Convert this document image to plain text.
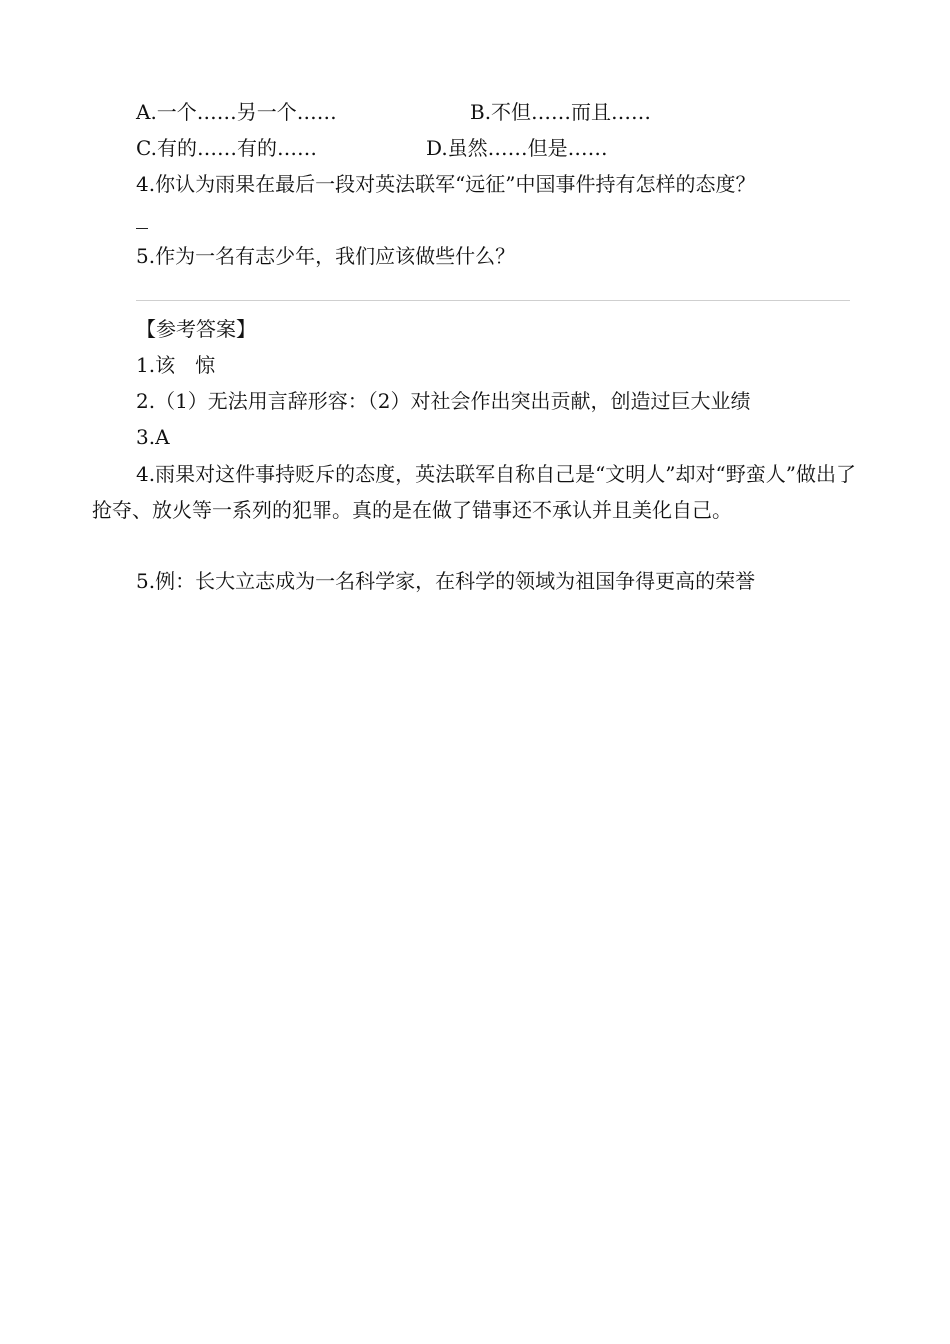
A.一个……另一个……	B.不但……而且……
C.有的……有的……	D.虽然……但是……
4.你认为雨果在最后一段对英法联军“远征”中国事件持有怎样的态度？
5.作为一名有志少年，我们应该做些什么？
【参考答案】
1.该　惊
2.（1）无法用言辞形容：（2）对社会作出突出贡献，创造过巨大业绩
3.A
4.雨果对这件事持贬斥的态度，英法联军自称自己是“文明人”却对“野蛮人”做出了抢夺、放火等一系列的犯罪。真的是在做了错事还不承认并且美化自己。
5.例：长大立志成为一名科学家，在科学的领域为祖国争得更高的荣誉
